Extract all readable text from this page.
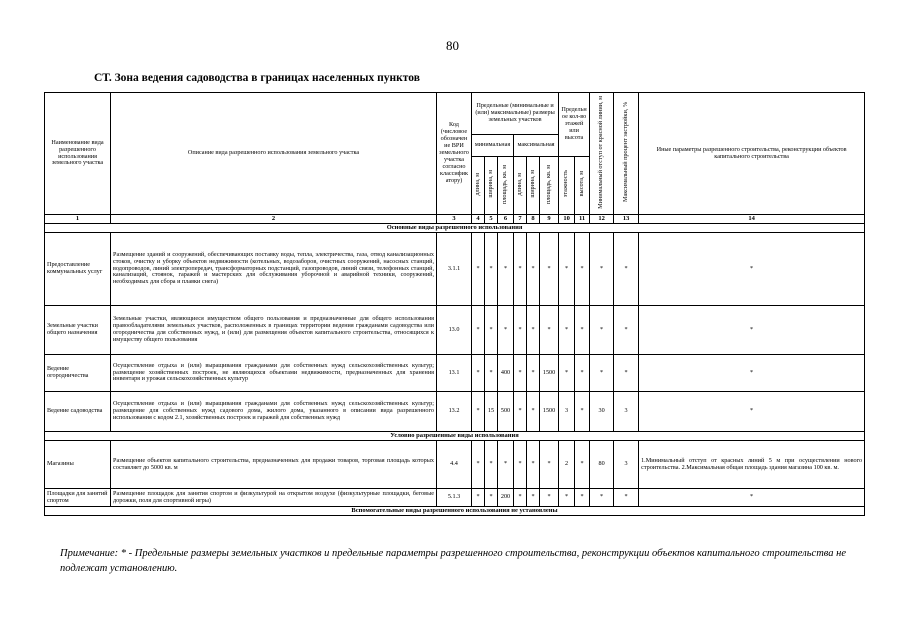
80
СТ. Зона ведения садоводства в границах населенных пунктов
Наименование вида разрешенного использования земельного участка	Описание вида разрешенного использования земельного участка	Код (числовое обозначение ВРИ земельного участка согласно классификатору)	Предельные (минимальные и (или) максимальные) размеры земельных участков						Предельное кол-во этажей или высота		Минимальный отступ от красной линии, м	Максимальный процент застройки, %	Иные параметры разрешенного строительства, реконструкции объектов капитального строительства
			минимальная			максимальная							
			длина, м	ширина, м	площадь, кв. м	длина, м	ширина, м	площадь, кв. м	этажность	высота, м			
1	2	3	4	5	6	7	8	9	10	11	12	13	14
Основные виды разрешенного использования													
Предоставление коммунальных услуг	Размещение зданий и сооружений, обеспечивающих поставку воды, тепла, электричества, газа, отвод канализационных стоков, очистку и уборку объектов недвижимости (котельных, водозаборов, очистных сооружений, насосных станций, водопроводов, линий электропередач, трансформаторных подстанций, газопроводов, линий связи, телефонных станций, канализаций, стоянок, гаражей и мастерских для обслуживания уборочной и аварийной техники, сооружений, необходимых для сбора и плавки снега)	3.1.1	*	*	*	*	*	*	*	*	*	*	*
Земельные участки общего назначения	Земельные участки, являющиеся имуществом общего пользования и предназначенные для общего использования правообладателями земельных участков, расположенных в границах территории ведения гражданами садоводства или огородничества для собственных нужд, и (или) для размещения объектов капитального строительства, относящихся к имуществу общего пользования	13.0	*	*	*	*	*	*	*	*	*	*	*
Ведение огородничества	Осуществление отдыха и (или) выращивания гражданами для собственных нужд сельскохозяйственных культур; размещение хозяйственных построек, не являющихся объектами недвижимости, предназначенных для хранения инвентаря и урожая сельскохозяйственных культур	13.1	*	*	400	*	*	1500	*	*	*	*	*
Ведение садоводства	Осуществление отдыха и (или) выращивания гражданами для собственных нужд сельскохозяйственных культур; размещение для собственных нужд садового дома, жилого дома, указанного в описании вида разрешенного использования с кодом 2.1, хозяйственных построек и гаражей для собственных нужд	13.2	*	15	500	*	*	1500	3	*	30	3	*
Условно разрешенные виды использования													
Магазины	Размещение объектов капитального строительства, предназначенных для продажи товаров, торговая площадь которых составляет до 5000 кв. м	4.4	*	*	*	*	*	*	2	*	80	3	1.Минимальный отступ от красных линий 5 м при осуществлении нового строительства. 2.Максимальная общая площадь здания магазина 100 кв. м.
Площадки для занятий спортом	Размещение площадок для занятия спортом и физкультурой на открытом воздухе (физкультурные площадки, беговые дорожки, поля для спортивной игры)	5.1.3	*	*	200	*	*	*	*	*	*	*	*
Вспомогательные виды разрешенного использования не установлены													
Примечание: * - Предельные размеры земельных участков и предельные параметры разрешенного строительства, реконструкции объектов капитального строительства не подлежат установлению.
